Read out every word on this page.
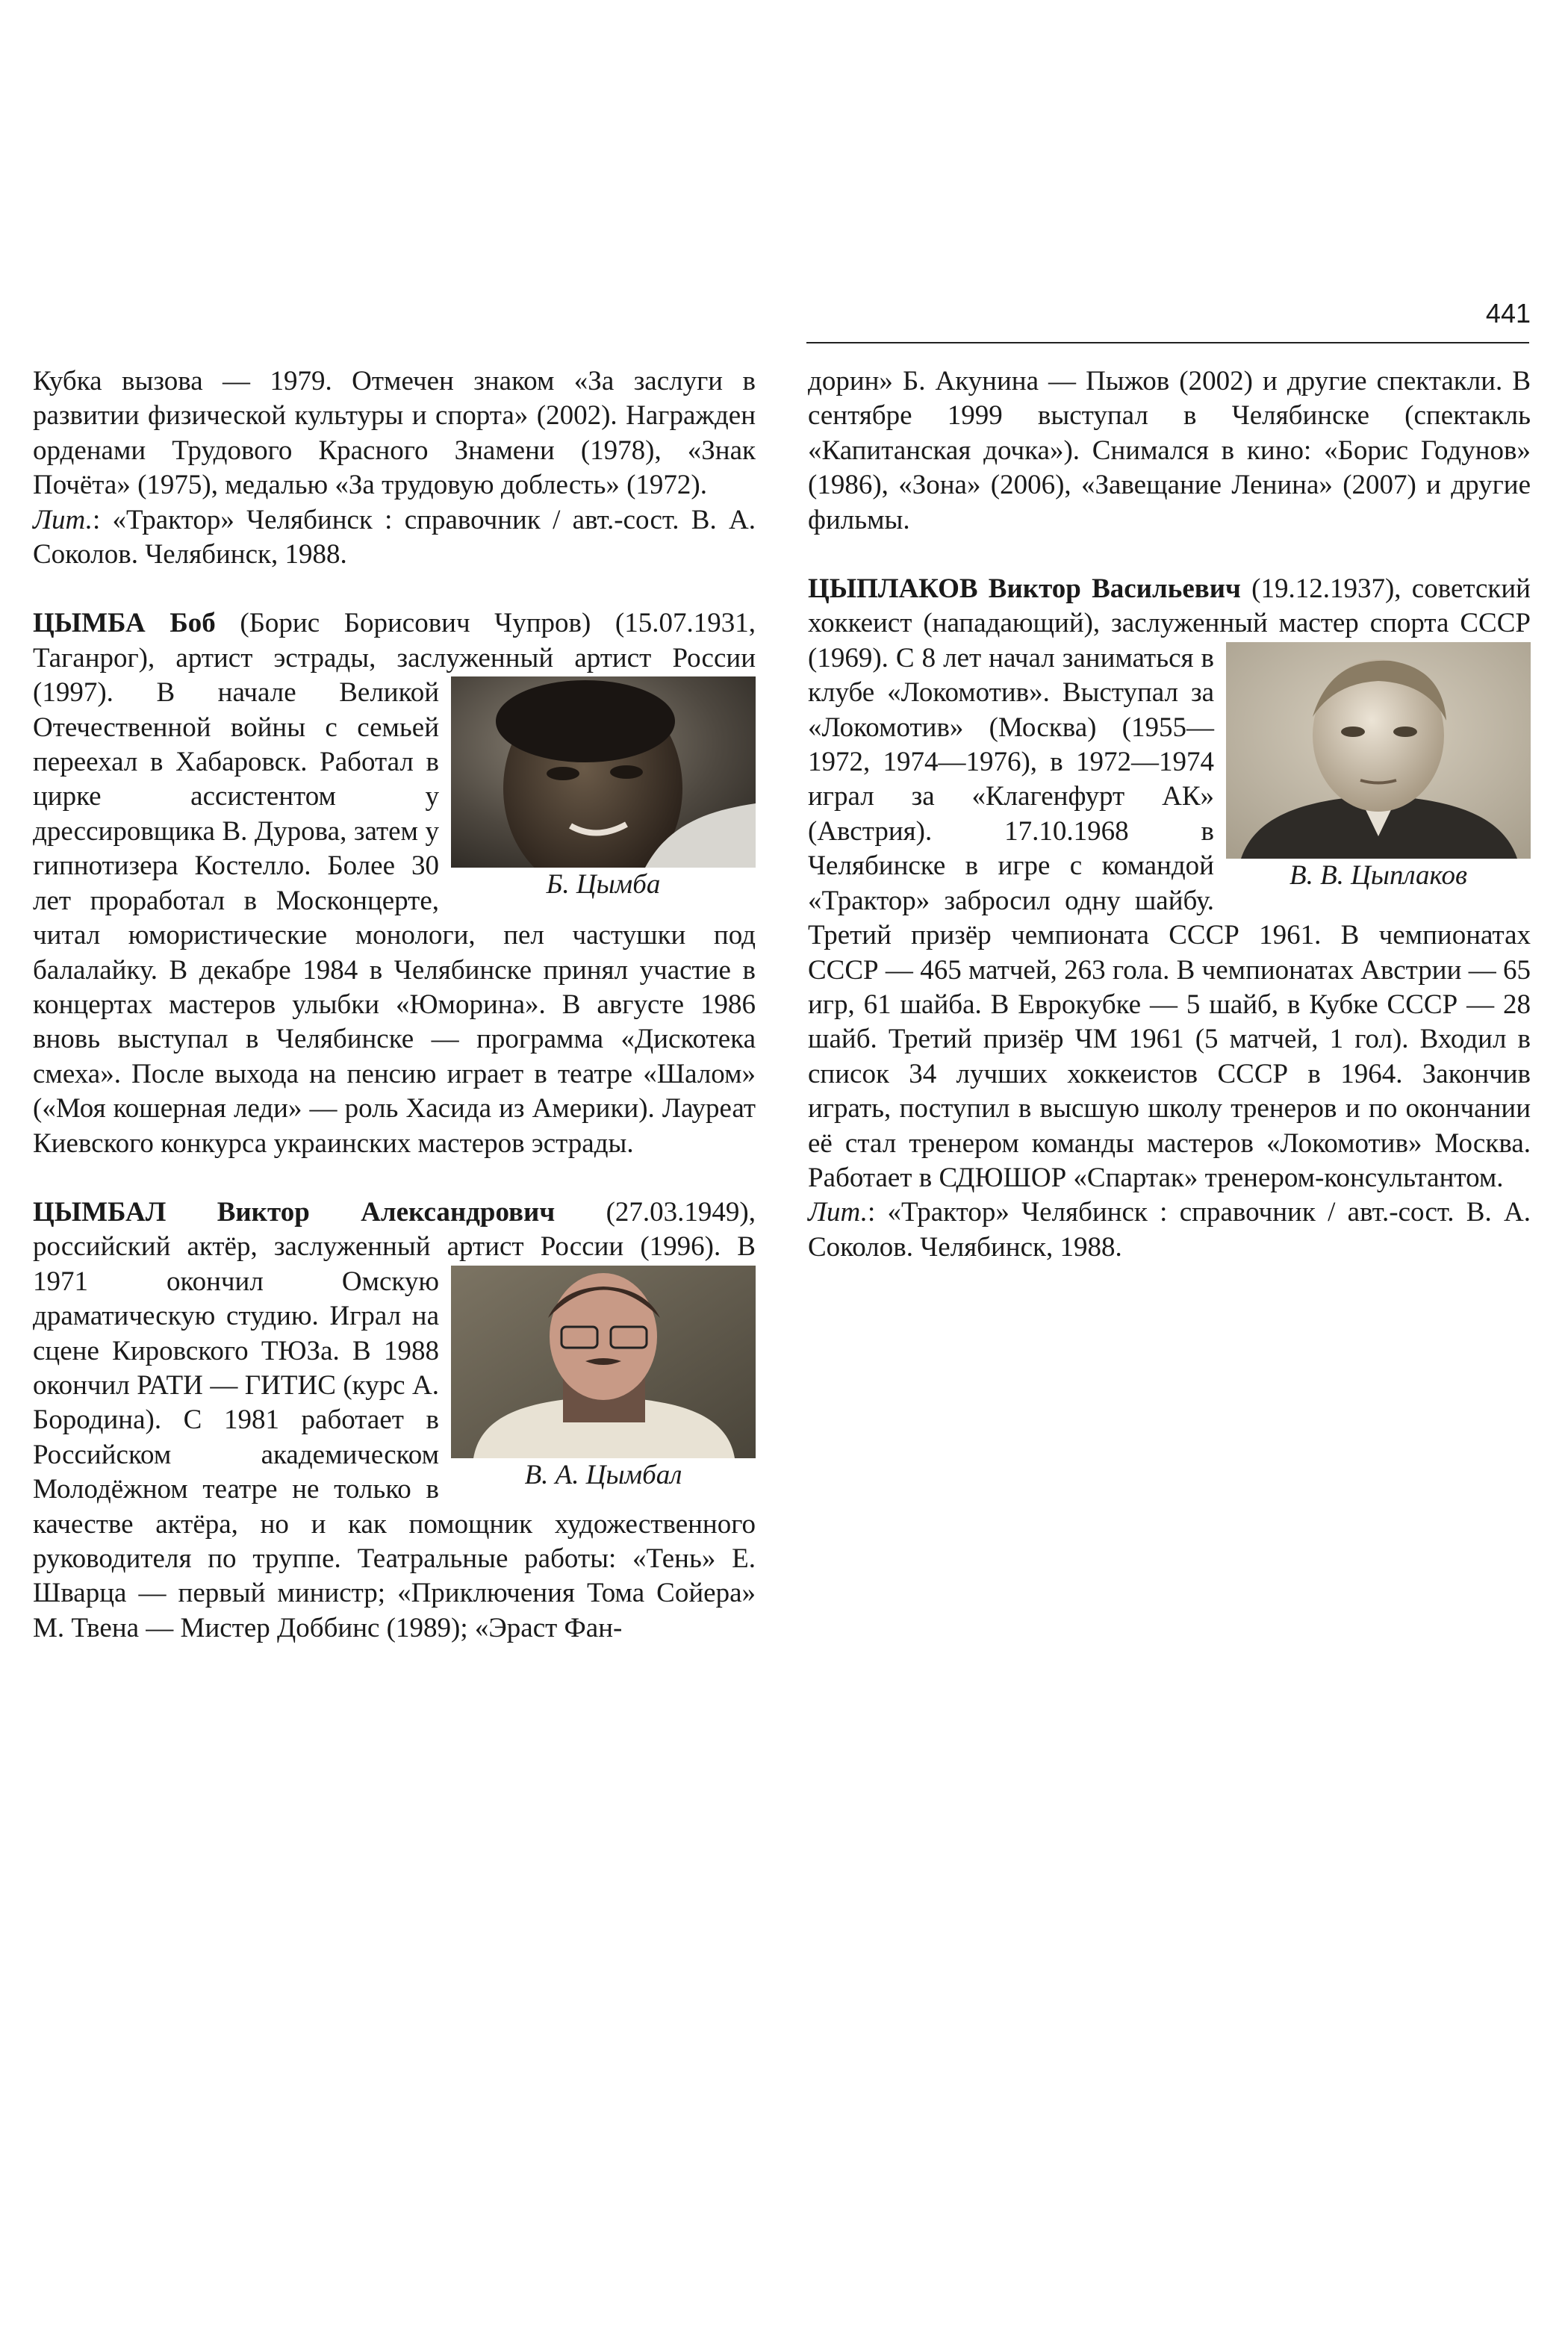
441

Кубка вызова — 1979. Отмечен знаком «За заслуги в развитии физической культуры и спорта» (2002). Награжден орденами Трудового Красного Знамени (1978), «Знак Почёта» (1975), медалью «За трудовую доблесть» (1972).

Лит.: «Трактор» Челябинск : справочник / авт.-сост. В. А. Соколов. Челябинск, 1988.

Б. Цымба

ЦЫМБА Боб (Борис Борисович Чупров) (15.07.1931, Таганрог), артист эстрады, заслуженный артист России (1997). В начале Великой Отечественной войны с семьей переехал в Хабаровск. Работал в цирке ассистентом у дрессировщика В. Дурова, затем у гипнотизера Костелло. Более 30 лет проработал в Москонцерте, читал юмористические монологи, пел частушки под балалайку. В декабре 1984 в Челябинске принял участие в концертах мастеров улыбки «Юморина». В августе 1986 вновь выступал в Челябинске — программа «Дискотека смеха». После выхода на пенсию играет в театре «Шалом» («Моя кошерная леди» — роль Хасида из Америки). Лауреат Киевского конкурса украинских мастеров эстрады.

В. А. Цымбал

ЦЫМБАЛ Виктор Александрович (27.03.1949), российский актёр, заслуженный артист России (1996). В 1971 окончил Омскую драматическую студию. Играл на сцене Кировского ТЮЗа. В 1988 окончил РАТИ — ГИТИС (курс А. Бородина). С 1981 работает в Российском академическом Молодёжном театре не только в качестве актёра, но и как помощник художественного руководителя по труппе. Театральные работы: «Тень» Е. Шварца — первый министр; «Приключения Тома Сойера» М. Твена — Мистер Доббинс (1989); «Эраст Фан-

дорин» Б. Акунина — Пыжов (2002) и другие спектакли. В сентябре 1999 выступал в Челябинске (спектакль «Капитанская дочка»). Снимался в кино: «Борис Годунов» (1986), «Зона» (2006), «Завещание Ленина» (2007) и другие фильмы.

В. В. Цыплаков

ЦЫПЛАКОВ Виктор Васильевич (19.12.1937), советский хоккеист (нападающий), заслуженный мастер спорта СССР (1969). С 8 лет начал заниматься в клубе «Локомотив». Выступал за «Локомотив» (Москва) (1955—1972, 1974—1976), в 1972—1974 играл за «Клагенфурт АК» (Австрия). 17.10.1968 в Челябинске в игре с командой «Трактор» забросил одну шайбу. Третий призёр чемпионата СССР 1961. В чемпионатах СССР — 465 матчей, 263 гола. В чемпионатах Австрии — 65 игр, 61 шайба. В Еврокубке — 5 шайб, в Кубке СССР — 28 шайб. Третий призёр ЧМ 1961 (5 матчей, 1 гол). Входил в список 34 лучших хоккеистов СССР в 1964. Закончив играть, поступил в высшую школу тренеров и по окончании её стал тренером команды мастеров «Локомотив» Москва. Работает в СДЮШОР «Спартак» тренером-консультантом.

Лит.: «Трактор» Челябинск : справочник / авт.-сост. В. А. Соколов. Челябинск, 1988.
